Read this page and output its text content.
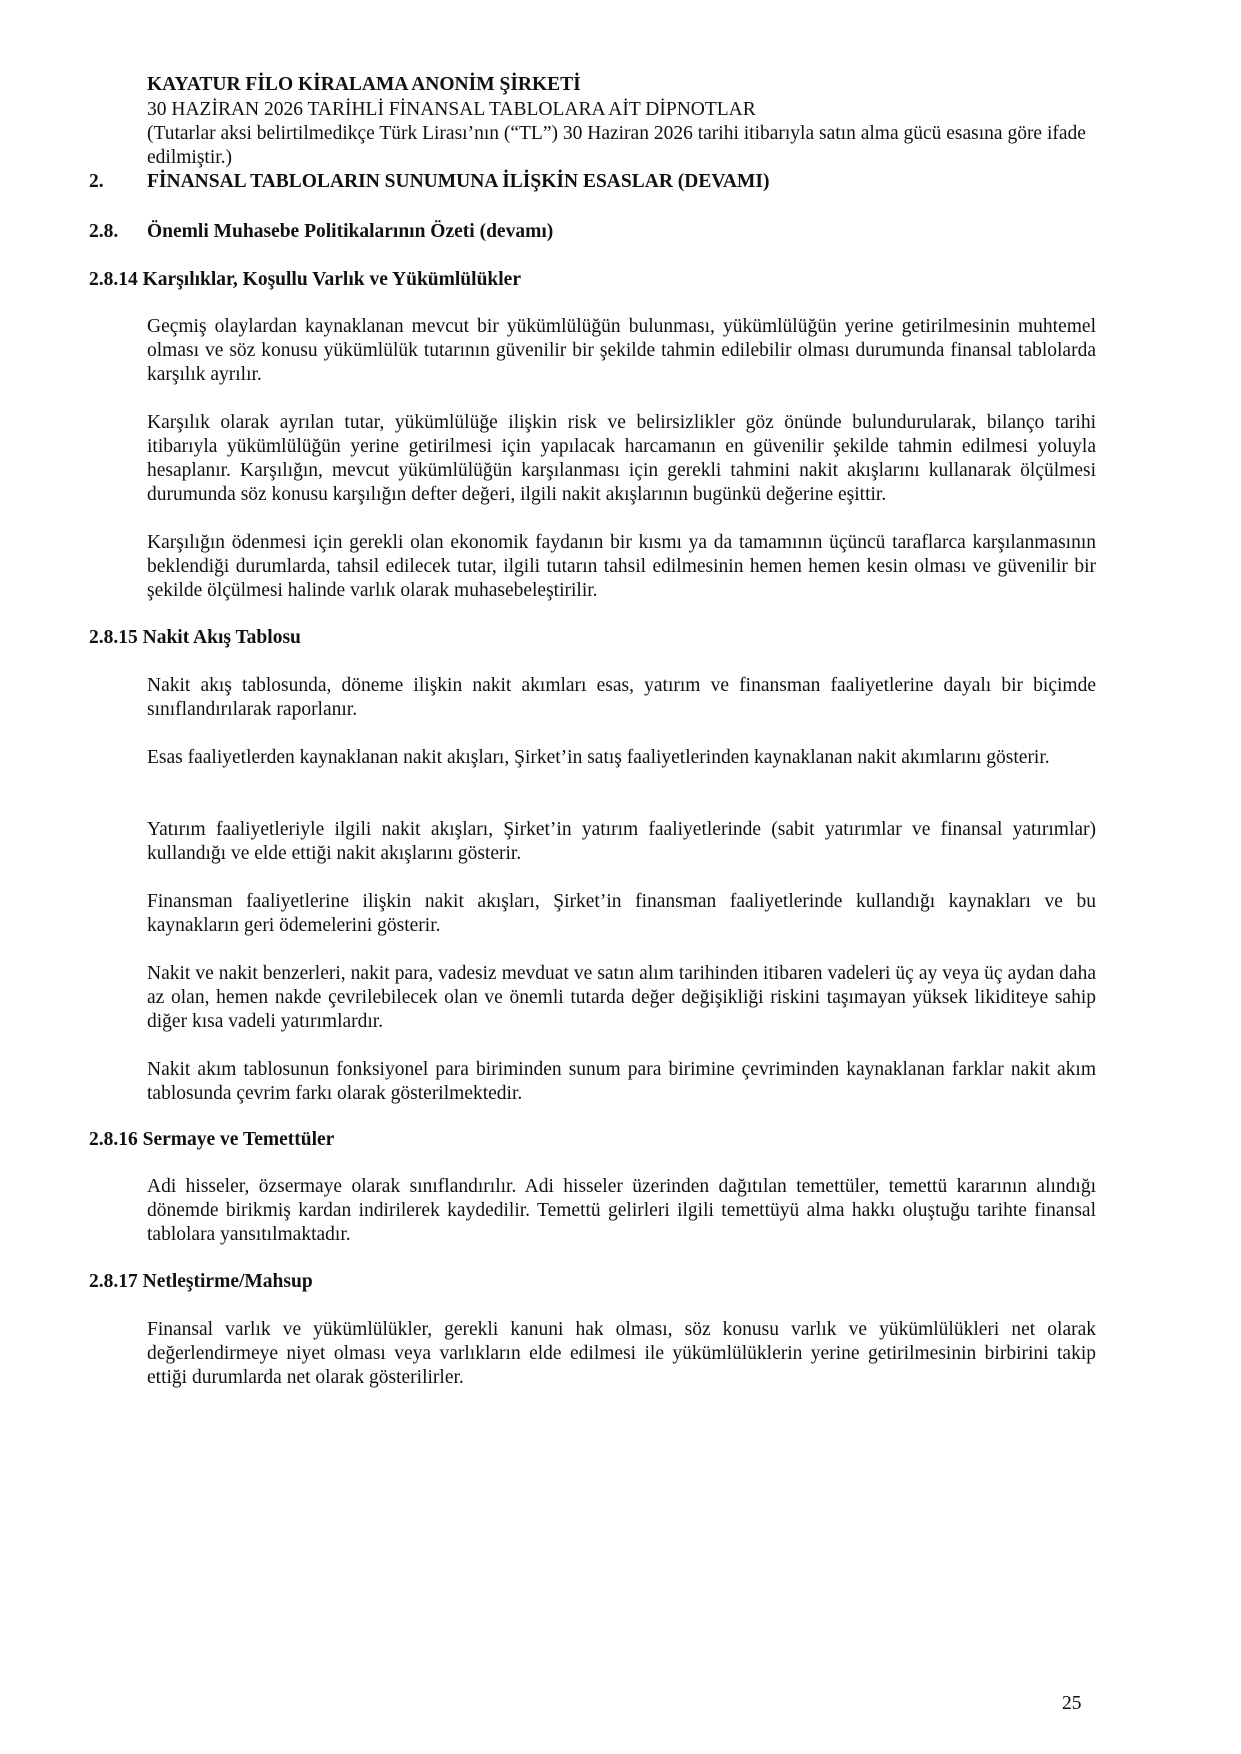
KAYATUR FİLO KİRALAMA ANONİM ŞİRKETİ
30 HAZİRAN 2026 TARİHLİ FİNANSAL TABLOLARA AİT DİPNOTLAR
(Tutarlar aksi belirtilmedikçe Türk Lirası’nın (“TL”) 30 Haziran 2026 tarihi itibarıyla satın alma gücü esasına göre ifade edilmiştir.)
2. FİNANSAL TABLOLARIN SUNUMUNA İLİŞKİN ESASLAR (DEVAMI)
2.8. Önemli Muhasebe Politikalarının Özeti (devamı)
2.8.14 Karşılıklar, Koşullu Varlık ve Yükümlülükler
Geçmiş olaylardan kaynaklanan mevcut bir yükümlülüğün bulunması, yükümlülüğün yerine getirilmesinin muhtemel olması ve söz konusu yükümlülük tutarının güvenilir bir şekilde tahmin edilebilir olması durumunda finansal tablolarda karşılık ayrılır.
Karşılık olarak ayrılan tutar, yükümlülüğe ilişkin risk ve belirsizlikler göz önünde bulundurularak, bilanço tarihi itibarıyla yükümlülüğün yerine getirilmesi için yapılacak harcamanın en güvenilir şekilde tahmin edilmesi yoluyla hesaplanır. Karşılığın, mevcut yükümlülüğün karşılanması için gerekli tahmini nakit akışlarını kullanarak ölçülmesi durumunda söz konusu karşılığın defter değeri, ilgili nakit akışlarının bugünkü değerine eşittir.
Karşılığın ödenmesi için gerekli olan ekonomik faydanın bir kısmı ya da tamamının üçüncü taraflarca karşılanmasının beklendiği durumlarda, tahsil edilecek tutar, ilgili tutarın tahsil edilmesinin hemen hemen kesin olması ve güvenilir bir şekilde ölçülmesi halinde varlık olarak muhasebeleştirilir.
2.8.15 Nakit Akış Tablosu
Nakit akış tablosunda, döneme ilişkin nakit akımları esas, yatırım ve finansman faaliyetlerine dayalı bir biçimde sınıflandırılarak raporlanır.
Esas faaliyetlerden kaynaklanan nakit akışları, Şirket’in satış faaliyetlerinden kaynaklanan nakit akımlarını gösterir.
Yatırım faaliyetleriyle ilgili nakit akışları, Şirket’in yatırım faaliyetlerinde (sabit yatırımlar ve finansal yatırımlar) kullandığı ve elde ettiği nakit akışlarını gösterir.
Finansman faaliyetlerine ilişkin nakit akışları, Şirket’in finansman faaliyetlerinde kullandığı kaynakları ve bu kaynakların geri ödemelerini gösterir.
Nakit ve nakit benzerleri, nakit para, vadesiz mevduat ve satın alım tarihinden itibaren vadeleri üç ay veya üç aydan daha az olan, hemen nakde çevrilebilecek olan ve önemli tutarda değer değişikliği riskini taşımayan yüksek likiditeye sahip diğer kısa vadeli yatırımlardır.
Nakit akım tablosunun fonksiyonel para biriminden sunum para birimine çevriminden kaynaklanan farklar nakit akım tablosunda çevrim farkı olarak gösterilmektedir.
2.8.16 Sermaye ve Temettüler
Adi hisseler, özsermaye olarak sınıflandırılır. Adi hisseler üzerinden dağıtılan temettüler, temettü kararının alındığı dönemde birikmiş kardan indirilerek kaydedilir. Temettü gelirleri ilgili temettüyü alma hakkı oluştuğu tarihte finansal tablolara yansıtılmaktadır.
2.8.17 Netleştirme/Mahsup
Finansal varlık ve yükümlülükler, gerekli kanuni hak olması, söz konusu varlık ve yükümlülükleri net olarak değerlendirmeye niyet olması veya varlıkların elde edilmesi ile yükümlülüklerin yerine getirilmesinin birbirini takip ettiği durumlarda net olarak gösterilirler.
25
